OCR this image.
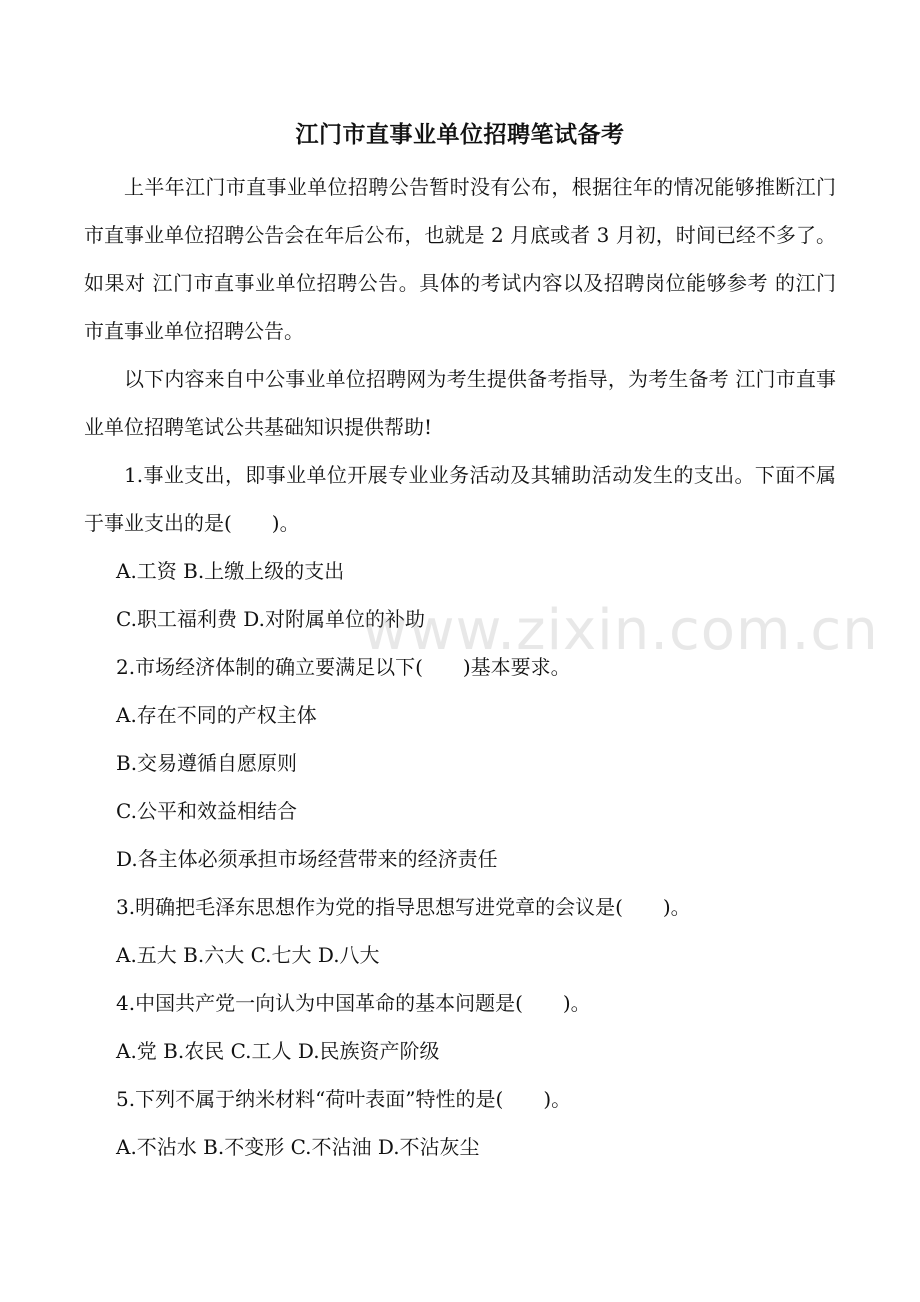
江门市直事业单位招聘笔试备考

上半年江门市直事业单位招聘公告暂时没有公布，根据往年的情况能够推断江门市直事业单位招聘公告会在年后公布，也就是 2 月底或者 3 月初，时间已经不多了。如果对 江门市直事业单位招聘公告。具体的考试内容以及招聘岗位能够参考 的江门市直事业单位招聘公告。

以下内容来自中公事业单位招聘网为考生提供备考指导，为考生备考 江门市直事业单位招聘笔试公共基础知识提供帮助!

1.事业支出，即事业单位开展专业业务活动及其辅助活动发生的支出。下面不属于事业支出的是(　　)。

A.工资 B.上缴上级的支出

C.职工福利费 D.对附属单位的补助

2.市场经济体制的确立要满足以下(　　)基本要求。

A.存在不同的产权主体

B.交易遵循自愿原则

C.公平和效益相结合

D.各主体必须承担市场经营带来的经济责任

3.明确把毛泽东思想作为党的指导思想写进党章的会议是(　　)。

A.五大 B.六大 C.七大 D.八大

4.中国共产党一向认为中国革命的基本问题是(　　)。

A.党 B.农民 C.工人 D.民族资产阶级

5.下列不属于纳米材料“荷叶表面”特性的是(　　)。

A.不沾水 B.不变形 C.不沾油 D.不沾灰尘

www.zixin.com.cn
